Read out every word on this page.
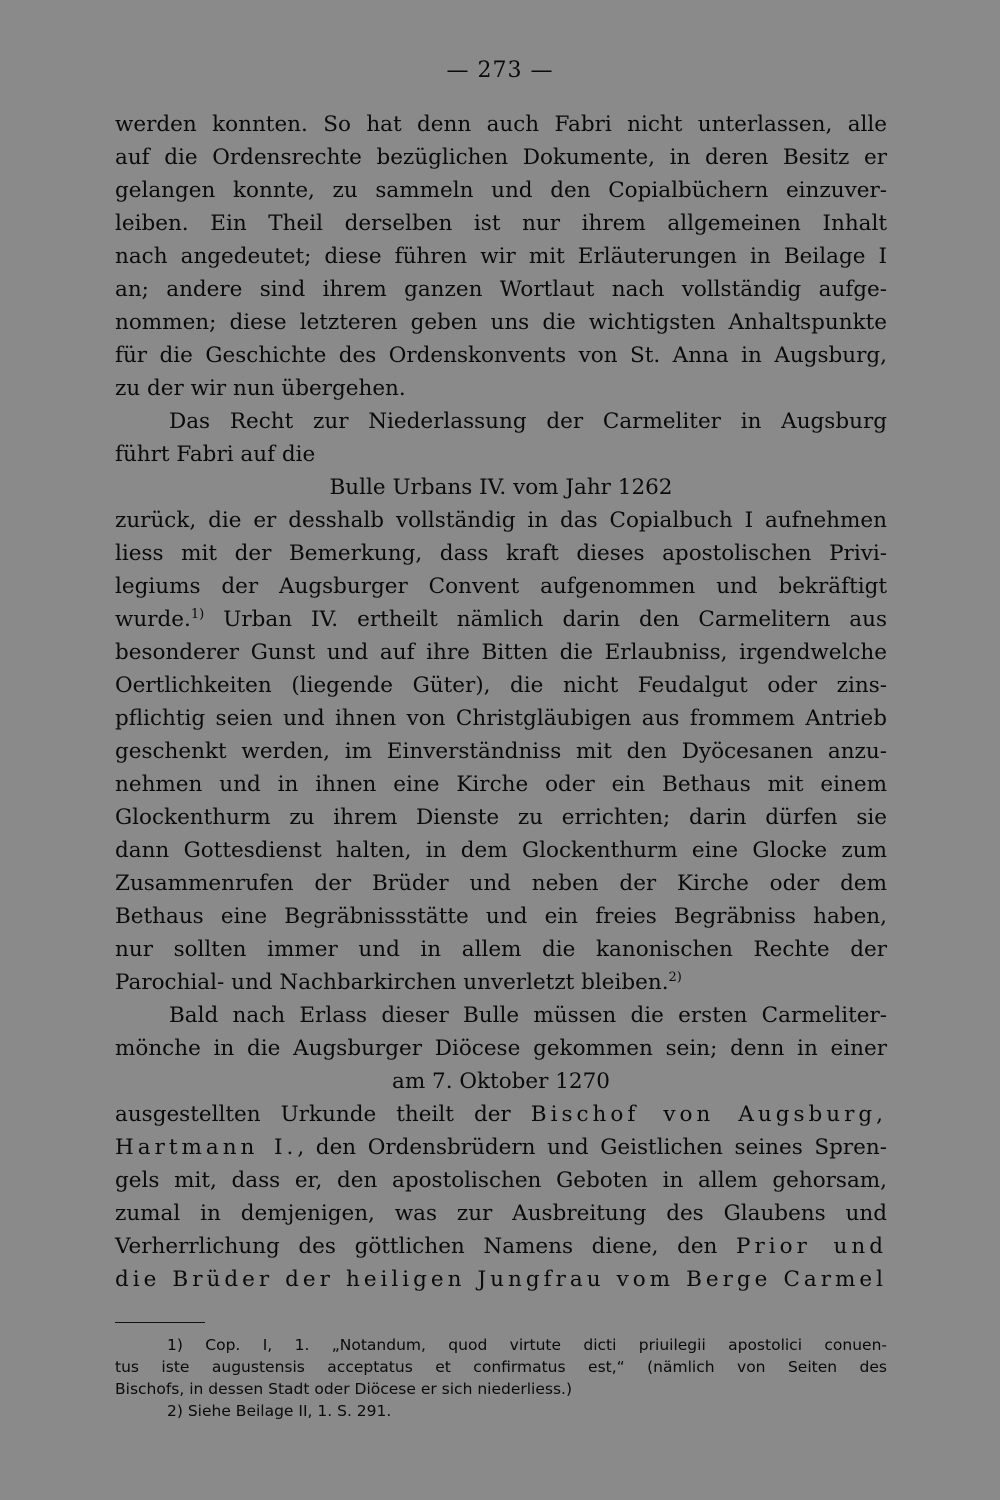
— 273 —
werden konnten. So hat denn auch Fabri nicht unterlassen, alle
auf die Ordensrechte bezüglichen Dokumente, in deren Besitz er
gelangen konnte, zu sammeln und den Copialbüchern einzuver-
leiben. Ein Theil derselben ist nur ihrem allgemeinen Inhalt
nach angedeutet; diese führen wir mit Erläuterungen in Beilage I
an; andere sind ihrem ganzen Wortlaut nach vollständig aufge-
nommen; diese letzteren geben uns die wichtigsten Anhaltspunkte
für die Geschichte des Ordenskonvents von St. Anna in Augsburg,
zu der wir nun übergehen.
Das Recht zur Niederlassung der Carmeliter in Augsburg
führt Fabri auf die
Bulle Urbans IV. vom Jahr 1262
zurück, die er desshalb vollständig in das Copialbuch I aufnehmen
liess mit der Bemerkung, dass kraft dieses apostolischen Privi-
legiums der Augsburger Convent aufgenommen und bekräftigt
wurde.$^{1)}$ Urban IV. ertheilt nämlich darin den Carmelitern aus
besonderer Gunst und auf ihre Bitten die Erlaubniss, irgendwelche
Oertlichkeiten (liegende Güter), die nicht Feudalgut oder zins-
pflichtig seien und ihnen von Christgläubigen aus frommem Antrieb
geschenkt werden, im Einverständniss mit den Dyöcesanen anzu-
nehmen und in ihnen eine Kirche oder ein Bethaus mit einem
Glockenthurm zu ihrem Dienste zu errichten; darin dürfen sie
dann Gottesdienst halten, in dem Glockenthurm eine Glocke zum
Zusammenrufen der Brüder und neben der Kirche oder dem
Bethaus eine Begräbnissstätte und ein freies Begräbniss haben,
nur sollten immer und in allem die kanonischen Rechte der
Parochial- und Nachbarkirchen unverletzt bleiben.$^{2)}$
Bald nach Erlass dieser Bulle müssen die ersten Carmeliter-
mönche in die Augsburger Diöcese gekommen sein; denn in einer
am 7. Oktober 1270
ausgestellten Urkunde theilt der Bischof von Augsburg,
Hartmann I., den Ordensbrüdern und Geistlichen seines Spren-
gels mit, dass er, den apostolischen Geboten in allem gehorsam,
zumal in demjenigen, was zur Ausbreitung des Glaubens und
Verherrlichung des göttlichen Namens diene, den Prior und
die Brüder der heiligen Jungfrau vom Berge Carmel
1) Cop. I, 1. „Notandum, quod virtute dicti priuilegii apostolici conuen-
tus iste augustensis acceptatus et confirmatus est,“ (nämlich von Seiten des
Bischofs, in dessen Stadt oder Diöcese er sich niederliess.)
2) Siehe Beilage II, 1. S. 291.
